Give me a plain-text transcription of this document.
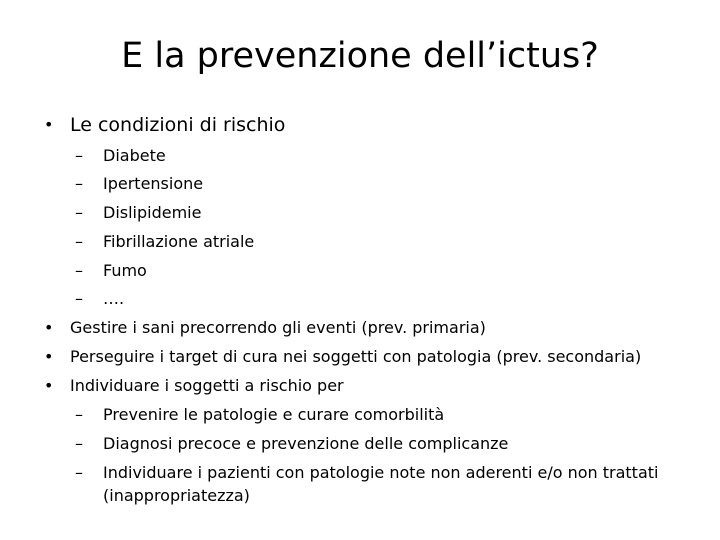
E la prevenzione dell’ictus?
• Le condizioni di rischio
– Diabete
– Ipertensione
– Dislipidemie
– Fibrillazione atriale
– Fumo
– ….
• Gestire i sani precorrendo gli eventi (prev. primaria)
• Perseguire i target di cura nei soggetti con patologia (prev. secondaria)
• Individuare i soggetti a rischio per
– Prevenire le patologie e curare comorbilità
– Diagnosi precoce e prevenzione delle complicanze
– Individuare i pazienti con patologie note non aderenti e/o non trattati
(inappropriatezza)
